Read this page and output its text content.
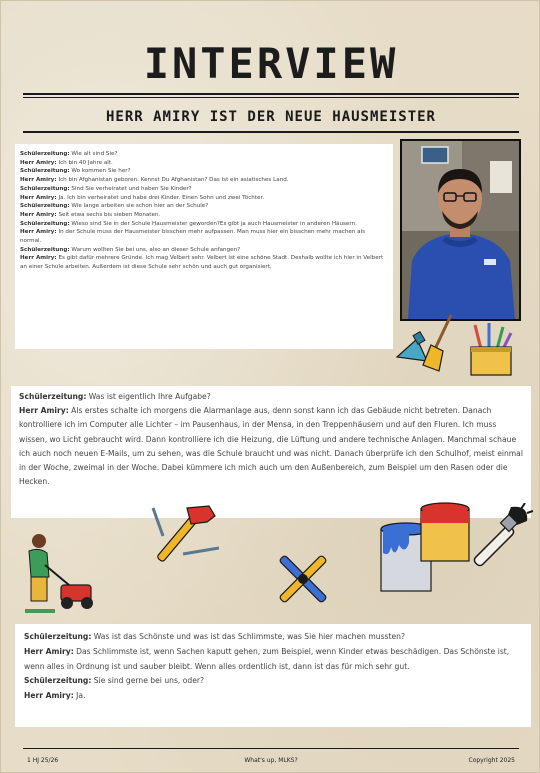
INTERVIEW
HERR AMIRY IST DER NEUE HAUSMEISTER
Schülerzeitung: Wie alt sind Sie?
Herr Amiry: Ich bin 40 Jahre alt.
Schülerzeitung: Wo kommen Sie her?
Herr Amiry: Ich bin Afghanistan geboren. Kennst Du Afghanistan? Das ist ein asiatisches Land.
Schülerzeitung: Sind Sie verheiratet und haben Sie Kinder?
Herr Amiry: Ja. Ich bin verheiratet und habe drei Kinder. Einen Sohn und zwei Töchter.
Schülerzeitung: Wie lange arbeiten sie schon hier an der Schule?
Herr Amiry: Seit etwa sechs bis sieben Monaten.
Schülerzeitung: Wieso sind Sie in der Schule Hausmeister geworden?Es gibt ja auch Hausmeister in anderen Häusern.
Herr Amiry: In der Schule muss der Hausmeister bisschen mehr aufpassen. Man muss hier ein bisschen mehr machen als normal.
Schülerzeitung: Warum wollten Sie bei uns, also an dieser Schule anfangen?
Herr Amiry: Es gibt dafür mehrere Gründe. Ich mag Velbert sehr. Velbert ist eine schöne Stadt. Deshalb wollte ich hier in Velbert an einer Schule arbeiten. Außerdem ist diese Schule sehr schön und auch gut organisiert.
Schülerzeitung: Was ist eigentlich Ihre Aufgabe?
Herr Amiry: Als erstes schalte ich morgens die Alarmanlage aus, denn sonst kann ich das Gebäude nicht betreten. Danach kontrolliere ich im Computer alle Lichter – im Pausenhaus, in der Mensa, in den Treppenhäusern und auf den Fluren. Ich muss wissen, wo Licht gebraucht wird. Dann kontrolliere ich die Heizung, die Lüftung und andere technische Anlagen. Manchmal schaue ich auch noch neuen E-Mails, um zu sehen, was die Schule braucht und was nicht. Danach überprüfe ich den Schulhof, meist einmal in der Woche, zweimal in der Woche. Dabei kümmere ich mich auch um den Außenbereich, zum Beispiel um den Rasen oder die Hecken.
Schülerzeitung: Was ist das Schönste und was ist das Schlimmste, was Sie hier machen mussten?
Herr Amiry: Das Schlimmste ist, wenn Sachen kaputt gehen, zum Beispiel, wenn Kinder etwas beschädigen. Das Schönste ist, wenn alles in Ordnung ist und sauber bleibt. Wenn alles ordentlich ist, dann ist das für mich sehr gut.
Schülerzeitung: Sie sind gerne bei uns, oder?
Herr Amiry: Ja.
1 HJ 25/26	What's up, MLKS?	Copyright 2025
